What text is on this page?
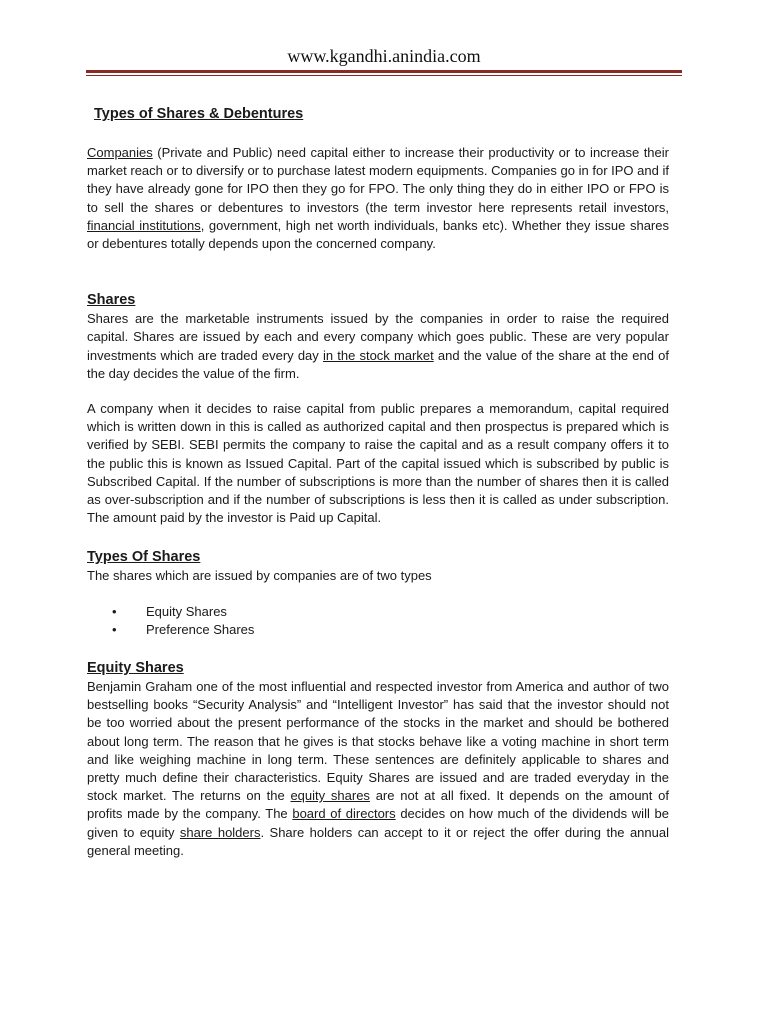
www.kgandhi.anindia.com
Types of Shares & Debentures

Companies (Private and Public) need capital either to increase their productivity or to increase their market reach or to diversify or to purchase latest modern equipments. Companies go in for IPO and if they have already gone for IPO then they go for FPO. The only thing they do in either IPO or FPO is to sell the shares or debentures to investors (the term investor here represents retail investors, financial institutions, government, high net worth individuals, banks etc). Whether they issue shares or debentures totally depends upon the concerned company.

Shares

Shares are the marketable instruments issued by the companies in order to raise the required capital. Shares are issued by each and every company which goes public. These are very popular investments which are traded every day in the stock market and the value of the share at the end of the day decides the value of the firm.

A company when it decides to raise capital from public prepares a memorandum, capital required which is written down in this is called as authorized capital and then prospectus is prepared which is verified by SEBI. SEBI permits the company to raise the capital and as a result company offers it to the public this is known as Issued Capital. Part of the capital issued which is subscribed by public is Subscribed Capital. If the number of subscriptions is more than the number of shares then it is called as over-subscription and if the number of subscriptions is less then it is called as under subscription. The amount paid by the investor is Paid up Capital.

Types Of Shares

The shares which are issued by companies are of two types

• Equity Shares
• Preference Shares
Equity Shares

Benjamin Graham one of the most influential and respected investor from America and author of two bestselling books “Security Analysis” and “Intelligent Investor” has said that the investor should not be too worried about the present performance of the stocks in the market and should be bothered about long term. The reason that he gives is that stocks behave like a voting machine in short term and like weighing machine in long term. These sentences are definitely applicable to shares and pretty much define their characteristics. Equity Shares are issued and are traded everyday in the stock market. The returns on the equity shares are not at all fixed. It depends on the amount of profits made by the company. The board of directors decides on how much of the dividends will be given to equity share holders. Share holders can accept to it or reject the offer during the annual general meeting.
